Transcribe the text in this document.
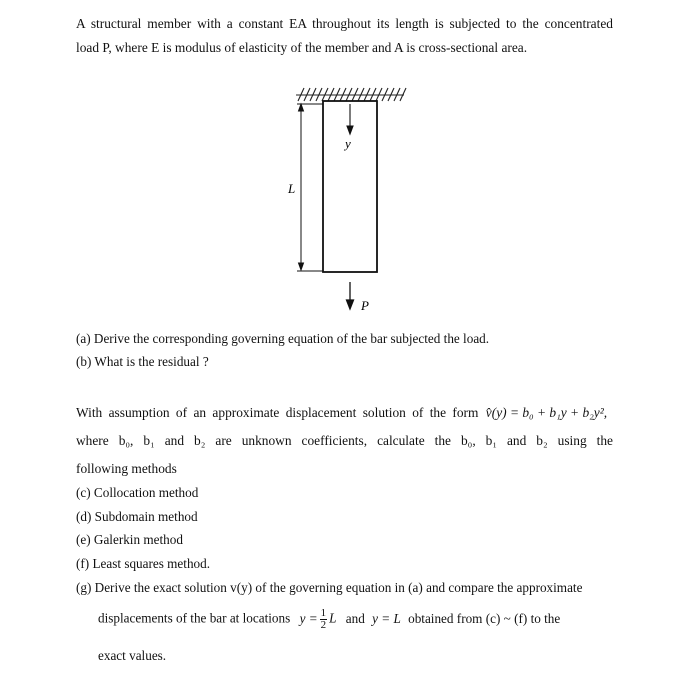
A structural member with a constant EA throughout its length is subjected to the concentrated
load P, where E is modulus of elasticity of the member and A is cross-sectional area.
L
y
P
(a) Derive the corresponding governing equation of the bar subjected the load.
(b) What is the residual ?
With assumption of an approximate displacement solution of the form v̂(y) = b₀ + b₁y + b₂y²,
where b₀, b₁ and b₂ are unknown coefficients, calculate the b₀, b₁ and b₂ using the
following methods
(c) Collocation method
(d) Subdomain method
(e) Galerkin method
(f) Least squares method.
(g) Derive the exact solution v(y) of the governing equation in (a) and compare the approximate
displacements of the bar at locations $y = \frac{1}{2}$ L and y = L obtained from (c) ~ (f) to the
exact values.
